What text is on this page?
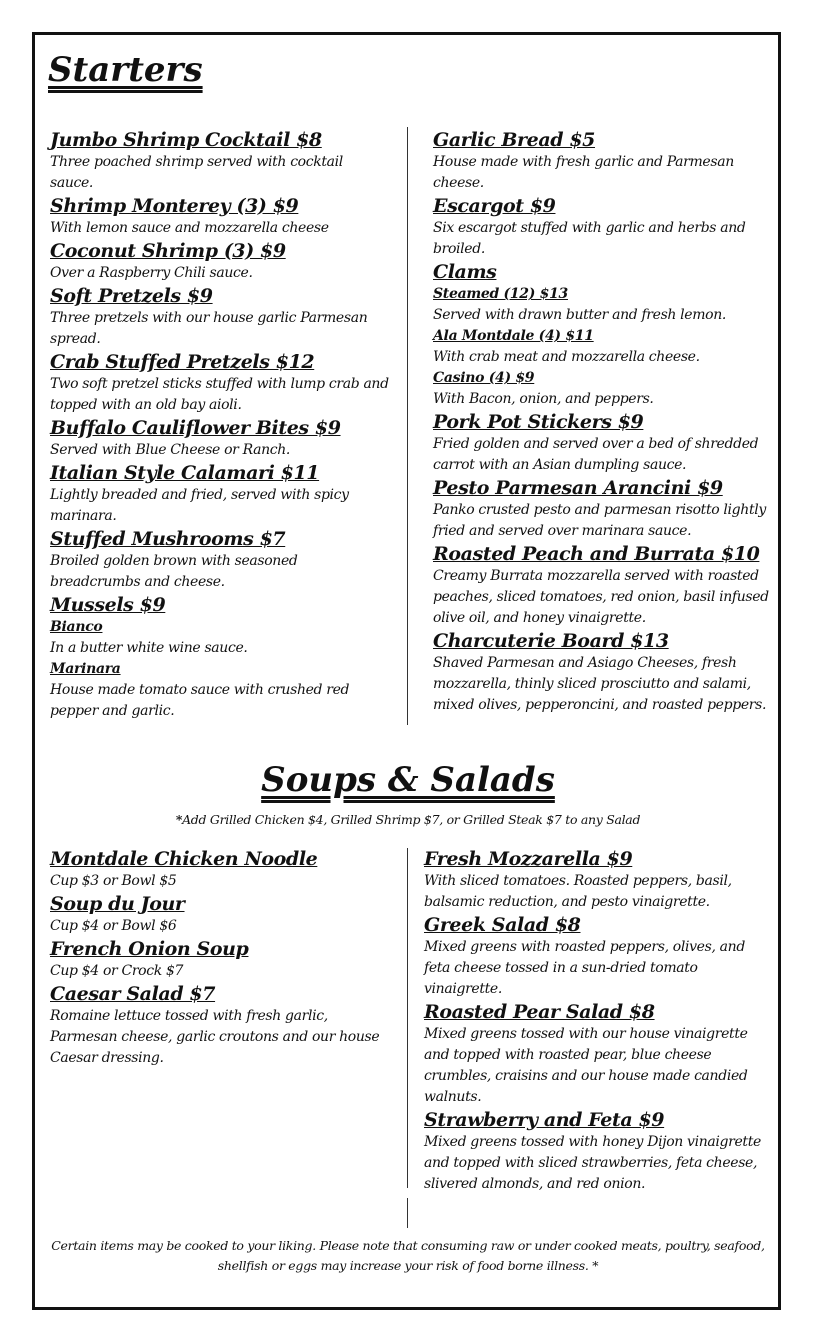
Starters
Jumbo Shrimp Cocktail $8
Three poached shrimp served with cocktail sauce.
Shrimp Monterey (3) $9
With lemon sauce and mozzarella cheese
Coconut Shrimp (3) $9
Over a Raspberry Chili sauce.
Soft Pretzels $9
Three pretzels with our house garlic Parmesan spread.
Crab Stuffed Pretzels $12
Two soft pretzel sticks stuffed with lump crab and topped with an old bay aioli.
Buffalo Cauliflower Bites $9
Served with Blue Cheese or Ranch.
Italian Style Calamari $11
Lightly breaded and fried, served with spicy marinara.
Stuffed Mushrooms $7
Broiled golden brown with seasoned breadcrumbs and cheese.
Mussels $9
Bianco
In a butter white wine sauce.
Marinara
House made tomato sauce with crushed red pepper and garlic.
Garlic Bread $5
House made with fresh garlic and Parmesan cheese.
Escargot $9
Six escargot stuffed with garlic and herbs and broiled.
Clams
Steamed (12) $13
Served with drawn butter and fresh lemon.
Ala Montdale (4) $11
With crab meat and mozzarella cheese.
Casino (4) $9
With Bacon, onion, and peppers.
Pork Pot Stickers $9
Fried golden and served over a bed of shredded carrot with an Asian dumpling sauce.
Pesto Parmesan Arancini $9
Panko crusted pesto and parmesan risotto lightly fried and served over marinara sauce.
Roasted Peach and Burrata $10
Creamy Burrata mozzarella served with roasted peaches, sliced tomatoes, red onion, basil infused olive oil, and honey vinaigrette.
Charcuterie Board $13
Shaved Parmesan and Asiago Cheeses, fresh mozzarella, thinly sliced prosciutto and salami, mixed olives, pepperoncini, and roasted peppers.
Soups & Salads
*Add Grilled Chicken $4, Grilled Shrimp $7, or Grilled Steak $7 to any Salad
Montdale Chicken Noodle
Cup $3 or Bowl $5
Soup du Jour
Cup $4 or Bowl $6
French Onion Soup
Cup $4 or Crock $7
Caesar Salad $7
Romaine lettuce tossed with fresh garlic, Parmesan cheese, garlic croutons and our house Caesar dressing.
Fresh Mozzarella $9
With sliced tomatoes. Roasted peppers, basil, balsamic reduction, and pesto vinaigrette.
Greek Salad $8
Mixed greens with roasted peppers, olives, and feta cheese tossed in a sun-dried tomato vinaigrette.
Roasted Pear Salad $8
Mixed greens tossed with our house vinaigrette and topped with roasted pear, blue cheese crumbles, craisins and our house made candied walnuts.
Strawberry and Feta $9
Mixed greens tossed with honey Dijon vinaigrette and topped with sliced strawberries, feta cheese, slivered almonds, and red onion.
Certain items may be cooked to your liking. Please note that consuming raw or under cooked meats, poultry, seafood, shellfish or eggs may increase your risk of food borne illness. *
